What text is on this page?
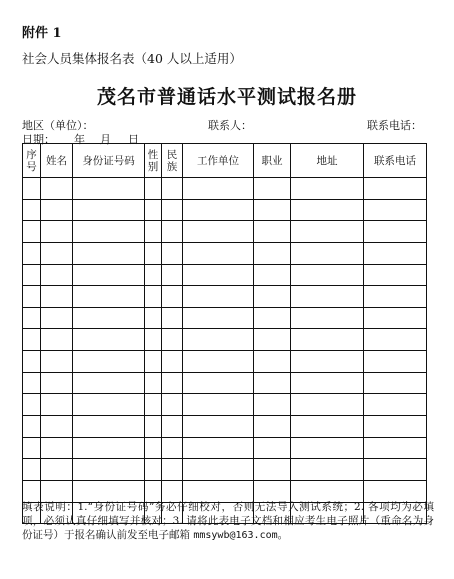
附件 1
社会人员集体报名表（40 人以上适用）
茂名市普通话水平测试报名册
地区（单位）：	联系人：	联系电话：
日期： 年 月 日
序号	姓名	身份证号码	性别	民族	工作单位	职业	地址	联系电话

填表说明：1.“身份证号码”务必仔细校对，否则无法导入测试系统；2. 各项均为必填项，必须认真仔细填写并核对；3. 请将此表电子文档和相应考生电子照片（重命名为身份证号）于报名确认前发至电子邮箱 mmsywb@163.com。
